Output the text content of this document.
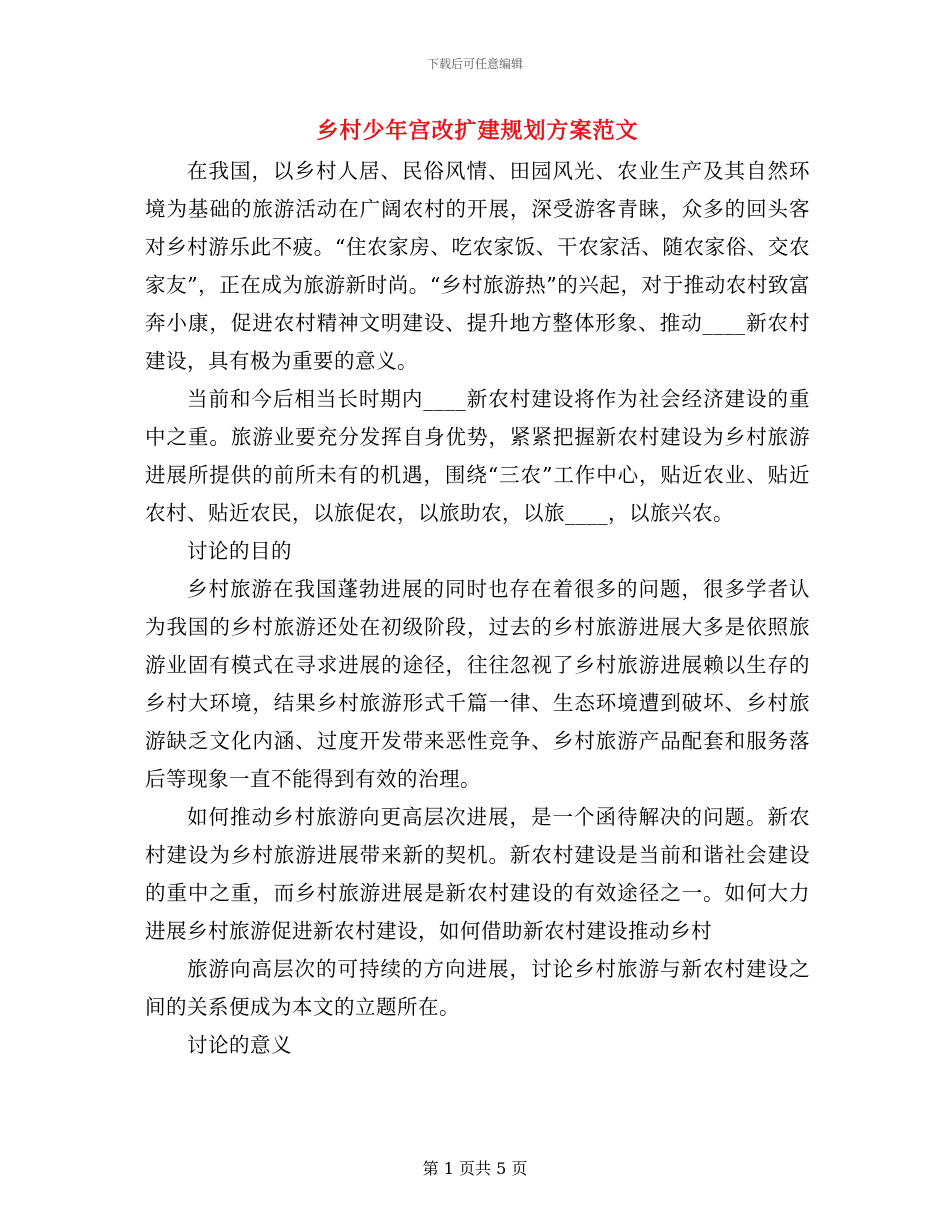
下载后可任意编辑
乡村少年宫改扩建规划方案范文

在我国，以乡村人居、民俗风情、田园风光、农业生产及其自然环境为基础的旅游活动在广阔农村的开展，深受游客青睐，众多的回头客对乡村游乐此不疲。“住农家房、吃农家饭、干农家活、随农家俗、交农家友”，正在成为旅游新时尚。“乡村旅游热”的兴起，对于推动农村致富奔小康，促进农村精神文明建设、提升地方整体形象、推动____新农村建设，具有极为重要的意义。

当前和今后相当长时期内____新农村建设将作为社会经济建设的重中之重。旅游业要充分发挥自身优势，紧紧把握新农村建设为乡村旅游进展所提供的前所未有的机遇，围绕“三农”工作中心，贴近农业、贴近农村、贴近农民，以旅促农，以旅助农，以旅____，以旅兴农。

讨论的目的

乡村旅游在我国蓬勃进展的同时也存在着很多的问题，很多学者认为我国的乡村旅游还处在初级阶段，过去的乡村旅游进展大多是依照旅游业固有模式在寻求进展的途径，往往忽视了乡村旅游进展赖以生存的乡村大环境，结果乡村旅游形式千篇一律、生态环境遭到破坏、乡村旅游缺乏文化内涵、过度开发带来恶性竞争、乡村旅游产品配套和服务落后等现象一直不能得到有效的治理。

如何推动乡村旅游向更高层次进展，是一个函待解决的问题。新农村建设为乡村旅游进展带来新的契机。新农村建设是当前和谐社会建设的重中之重，而乡村旅游进展是新农村建设的有效途径之一。如何大力进展乡村旅游促进新农村建设，如何借助新农村建设推动乡村

旅游向高层次的可持续的方向进展，讨论乡村旅游与新农村建设之间的关系便成为本文的立题所在。

讨论的意义

第 1 页共 5 页
